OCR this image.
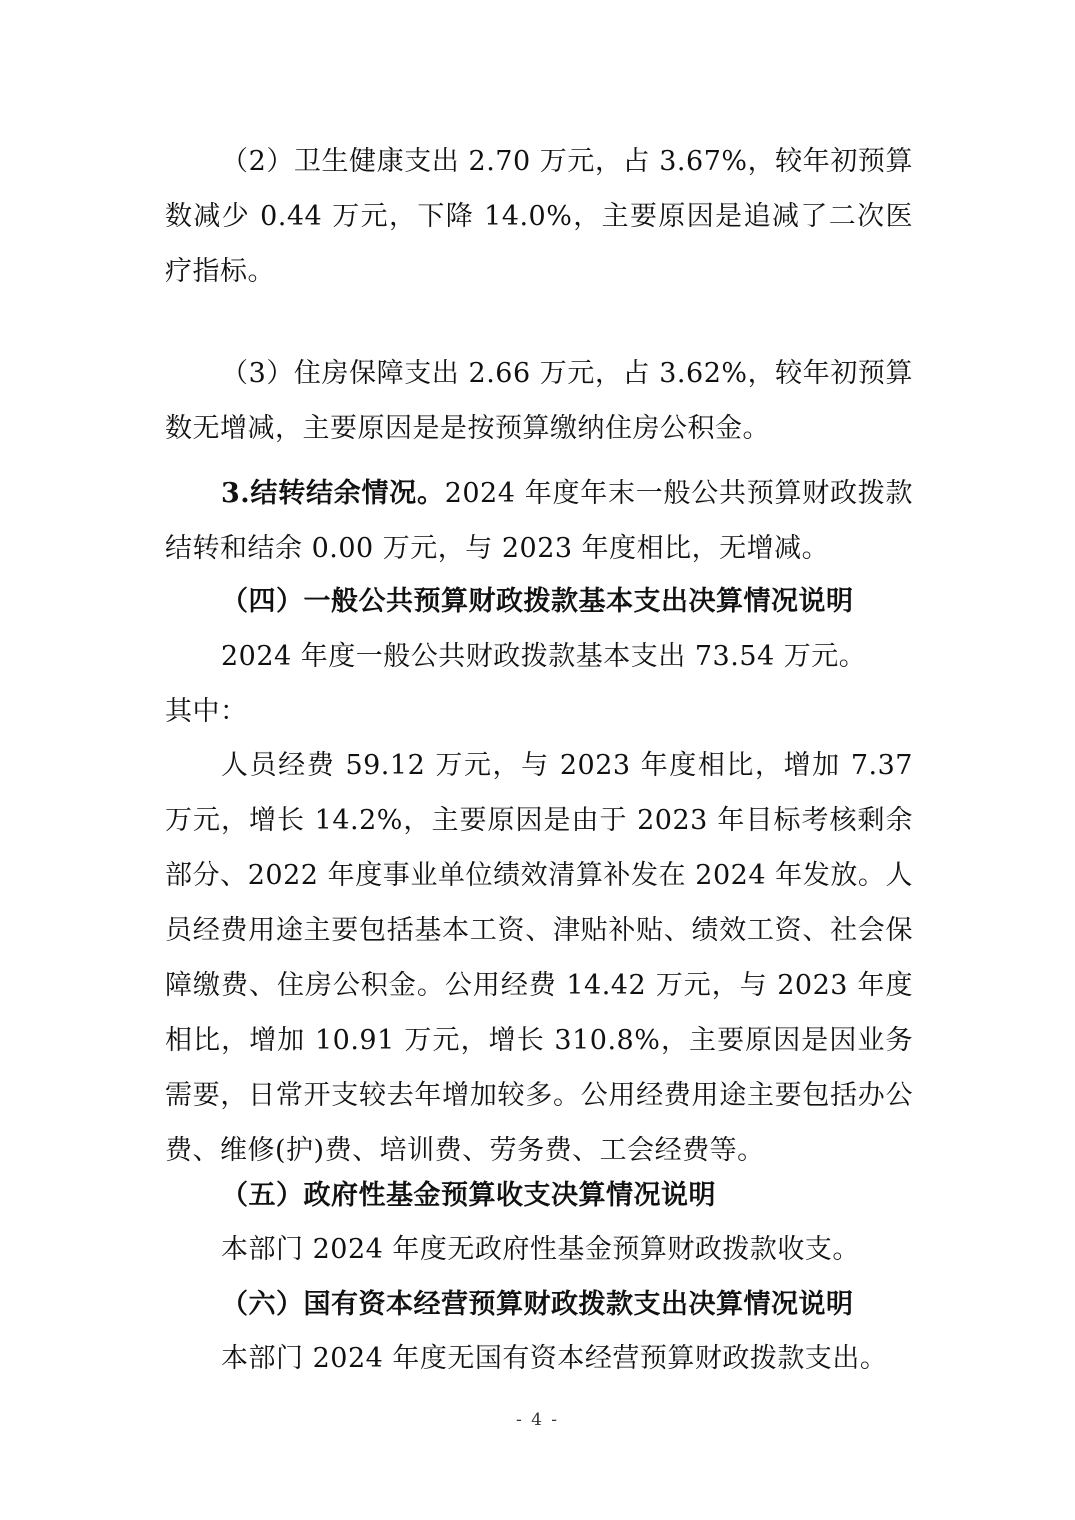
（2）卫生健康支出 2.70 万元，占 3.67%，较年初预算数减少 0.44 万元，下降 14.0%，主要原因是追减了二次医疗指标。

（3）住房保障支出 2.66 万元，占 3.62%，较年初预算数无增减，主要原因是是按预算缴纳住房公积金。

3.结转结余情况。2024 年度年末一般公共预算财政拨款结转和结余 0.00 万元，与 2023 年度相比，无增减。

（四）一般公共预算财政拨款基本支出决算情况说明

2024 年度一般公共财政拨款基本支出 73.54 万元。

其中：

人员经费 59.12 万元，与 2023 年度相比，增加 7.37 万元，增长 14.2%，主要原因是由于 2023 年目标考核剩余部分、2022 年度事业单位绩效清算补发在 2024 年发放。人员经费用途主要包括基本工资、津贴补贴、绩效工资、社会保障缴费、住房公积金。公用经费 14.42 万元，与 2023 年度相比，增加 10.91 万元，增长 310.8%，主要原因是因业务需要，日常开支较去年增加较多。公用经费用途主要包括办公费、维修(护)费、培训费、劳务费、工会经费等。

（五）政府性基金预算收支决算情况说明

本部门 2024 年度无政府性基金预算财政拨款收支。

（六）国有资本经营预算财政拨款支出决算情况说明

本部门 2024 年度无国有资本经营预算财政拨款支出。

- 4 -
